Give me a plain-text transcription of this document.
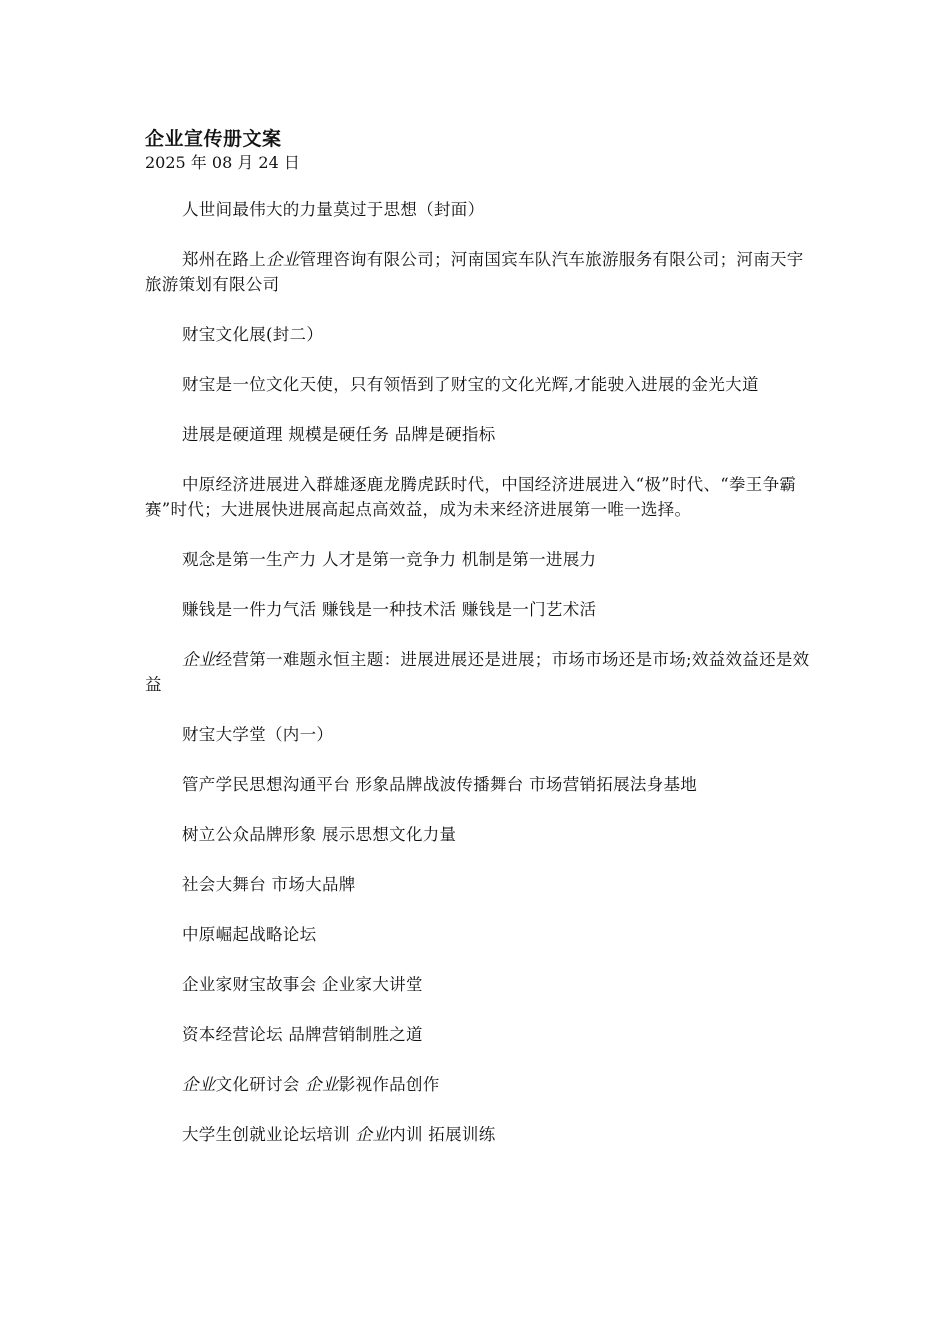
企业宣传册文案
2025 年 08 月 24 日

人世间最伟大的力量莫过于思想（封面）

郑州在路上企业管理咨询有限公司；河南国宾车队汽车旅游服务有限公司；河南天宇旅游策划有限公司

财宝文化展(封二）

财宝是一位文化天使，只有领悟到了财宝的文化光辉,才能驶入进展的金光大道

进展是硬道理 规模是硬任务 品牌是硬指标

中原经济进展进入群雄逐鹿龙腾虎跃时代，中国经济进展进入“极”时代、“拳王争霸赛”时代；大进展快进展高起点高效益，成为未来经济进展第一唯一选择。

观念是第一生产力 人才是第一竞争力 机制是第一进展力

赚钱是一件力气活 赚钱是一种技术活 赚钱是一门艺术活

企业经营第一难题永恒主题：进展进展还是进展；市场市场还是市场;效益效益还是效益

财宝大学堂（内一）

管产学民思想沟通平台 形象品牌战波传播舞台 市场营销拓展法身基地

树立公众品牌形象 展示思想文化力量

社会大舞台 市场大品牌

中原崛起战略论坛

企业家财宝故事会 企业家大讲堂

资本经营论坛 品牌营销制胜之道

企业文化研讨会 企业影视作品创作

大学生创就业论坛培训 企业内训 拓展训练
